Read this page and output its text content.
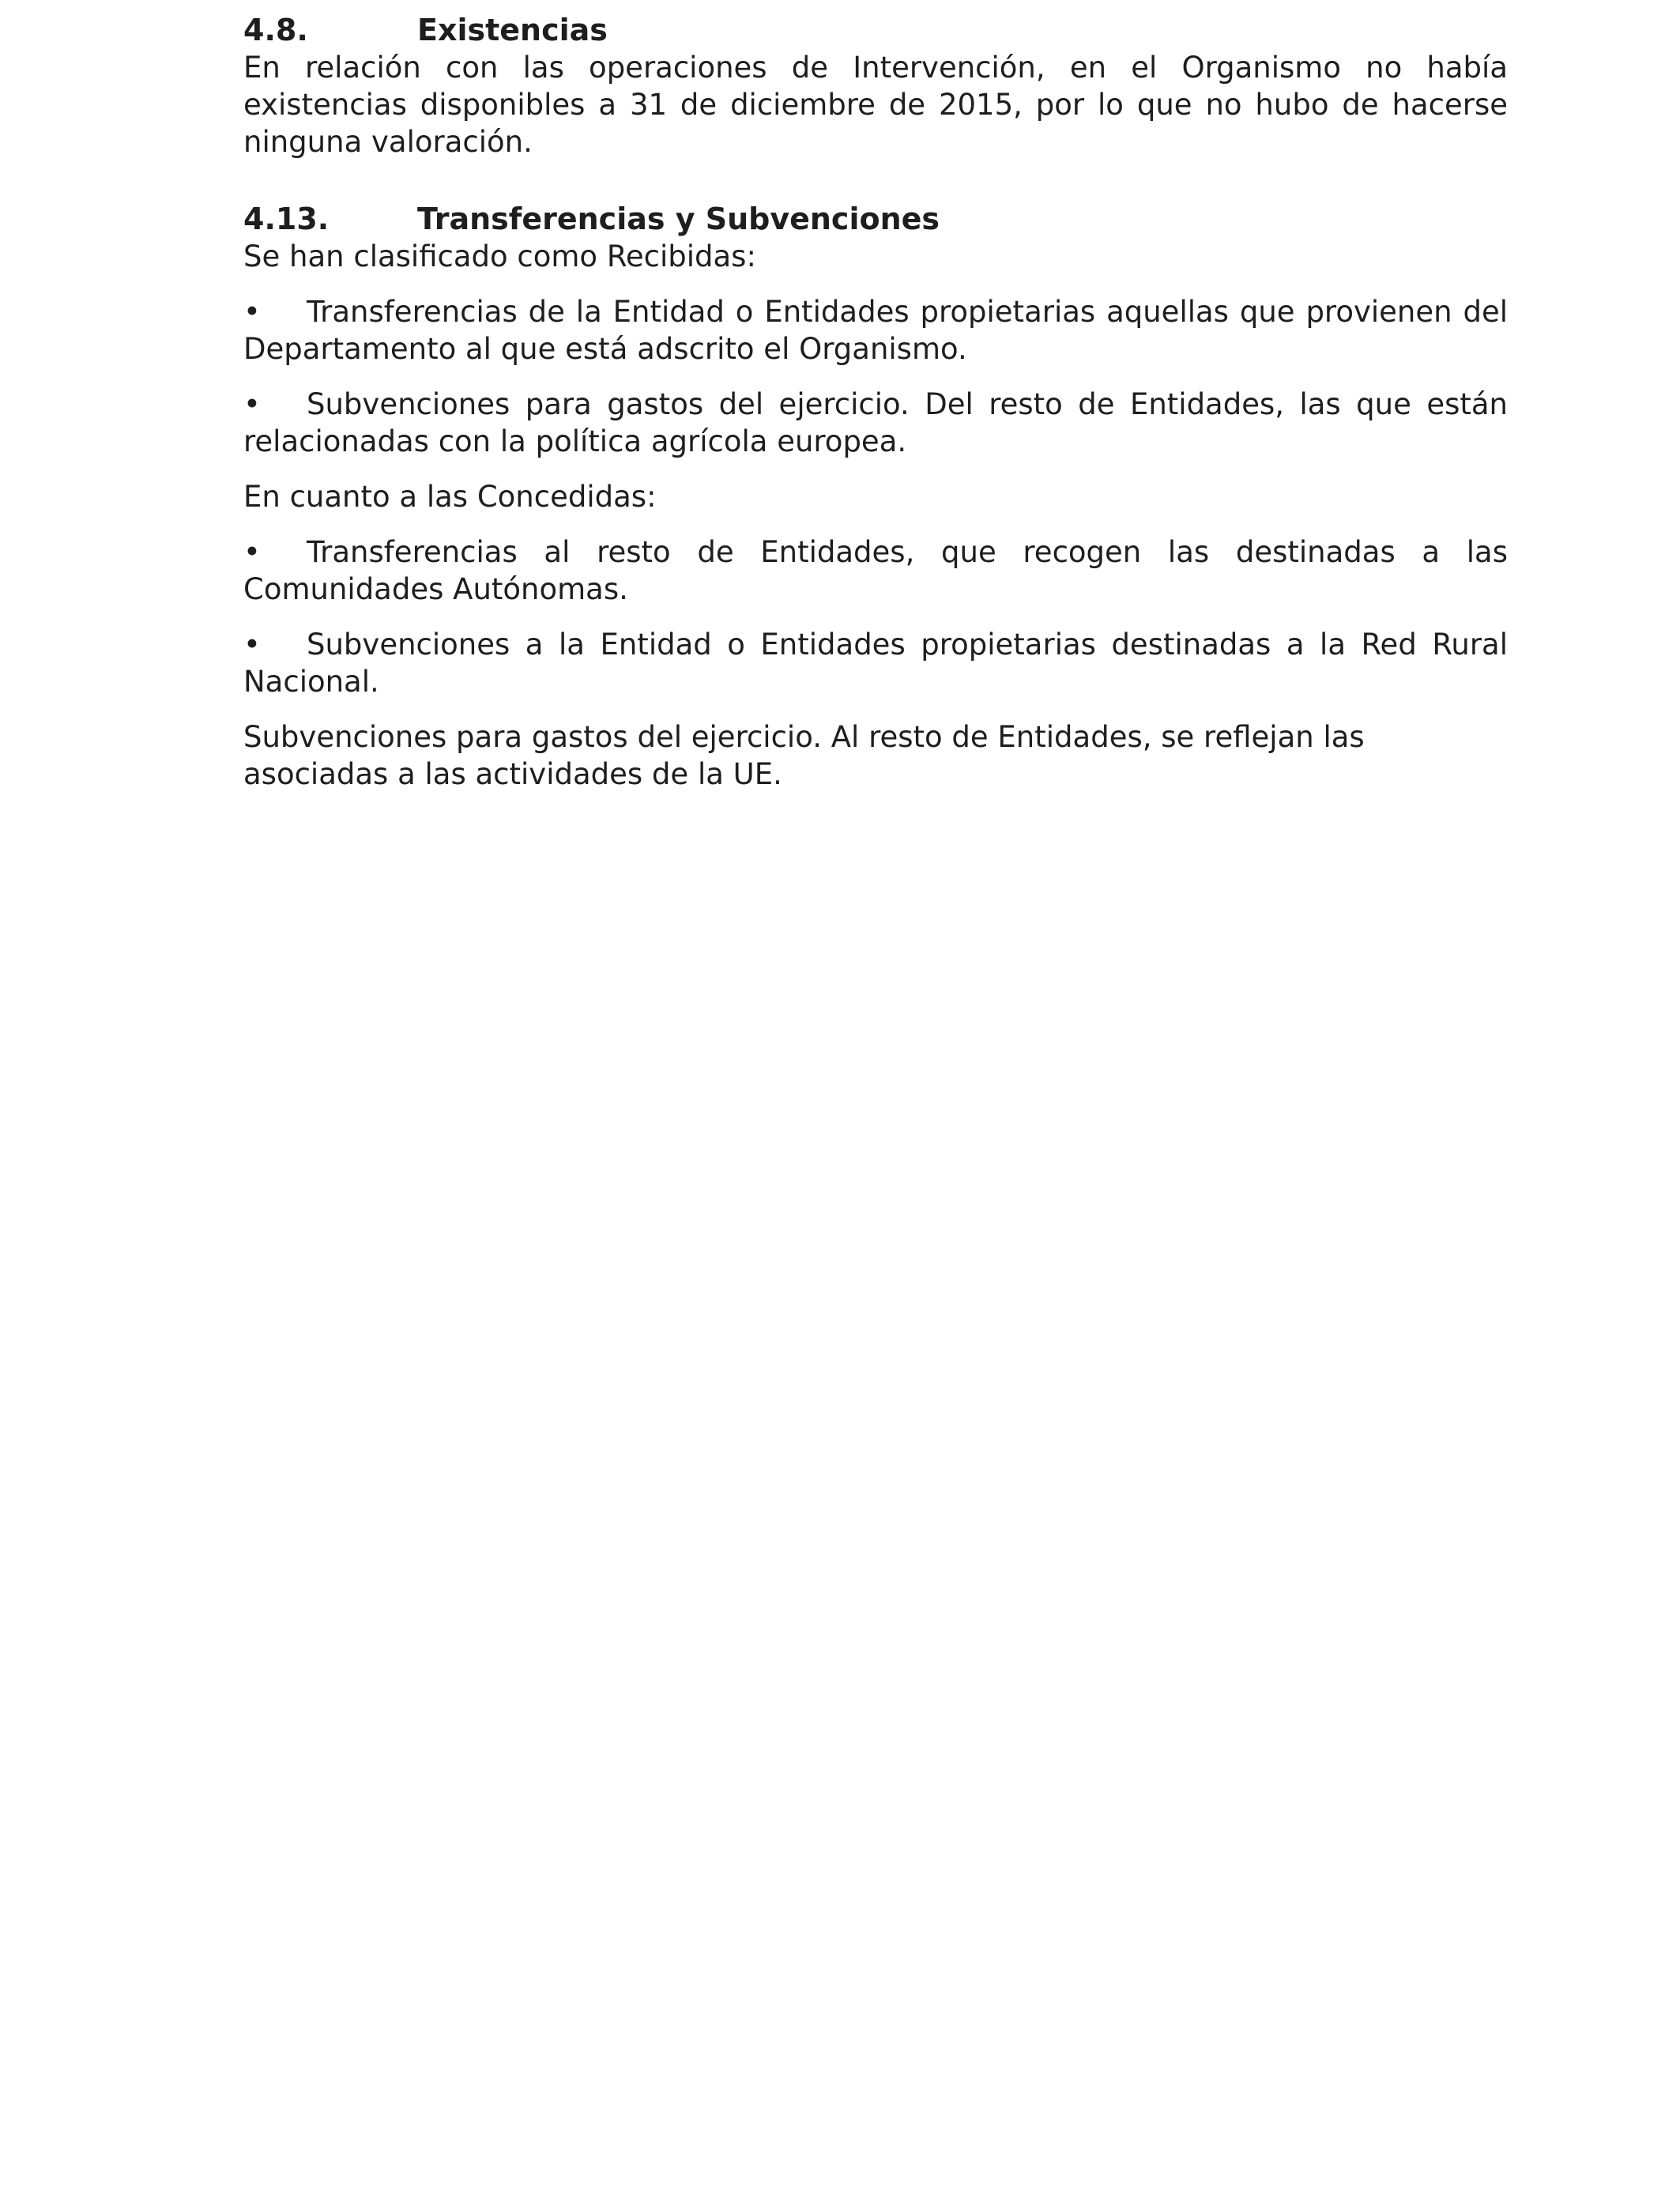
4.8.	Existencias

En relación con las operaciones de Intervención, en el Organismo no había existencias disponibles a 31 de diciembre de 2015, por lo que no hubo de hacerse ninguna valoración.

4.13.	Transferencias y Subvenciones

Se han clasificado como Recibidas:

• Transferencias de la Entidad o Entidades propietarias aquellas que provienen del Departamento al que está adscrito el Organismo.

• Subvenciones para gastos del ejercicio. Del resto de Entidades, las que están relacionadas con la política agrícola europea.

En cuanto a las Concedidas:

• Transferencias al resto de Entidades, que recogen las destinadas a las Comunidades Autónomas.

• Subvenciones a la Entidad o Entidades propietarias destinadas a la Red Rural Nacional.

Subvenciones para gastos del ejercicio. Al resto de Entidades, se reflejan las asociadas a las actividades de la UE.
